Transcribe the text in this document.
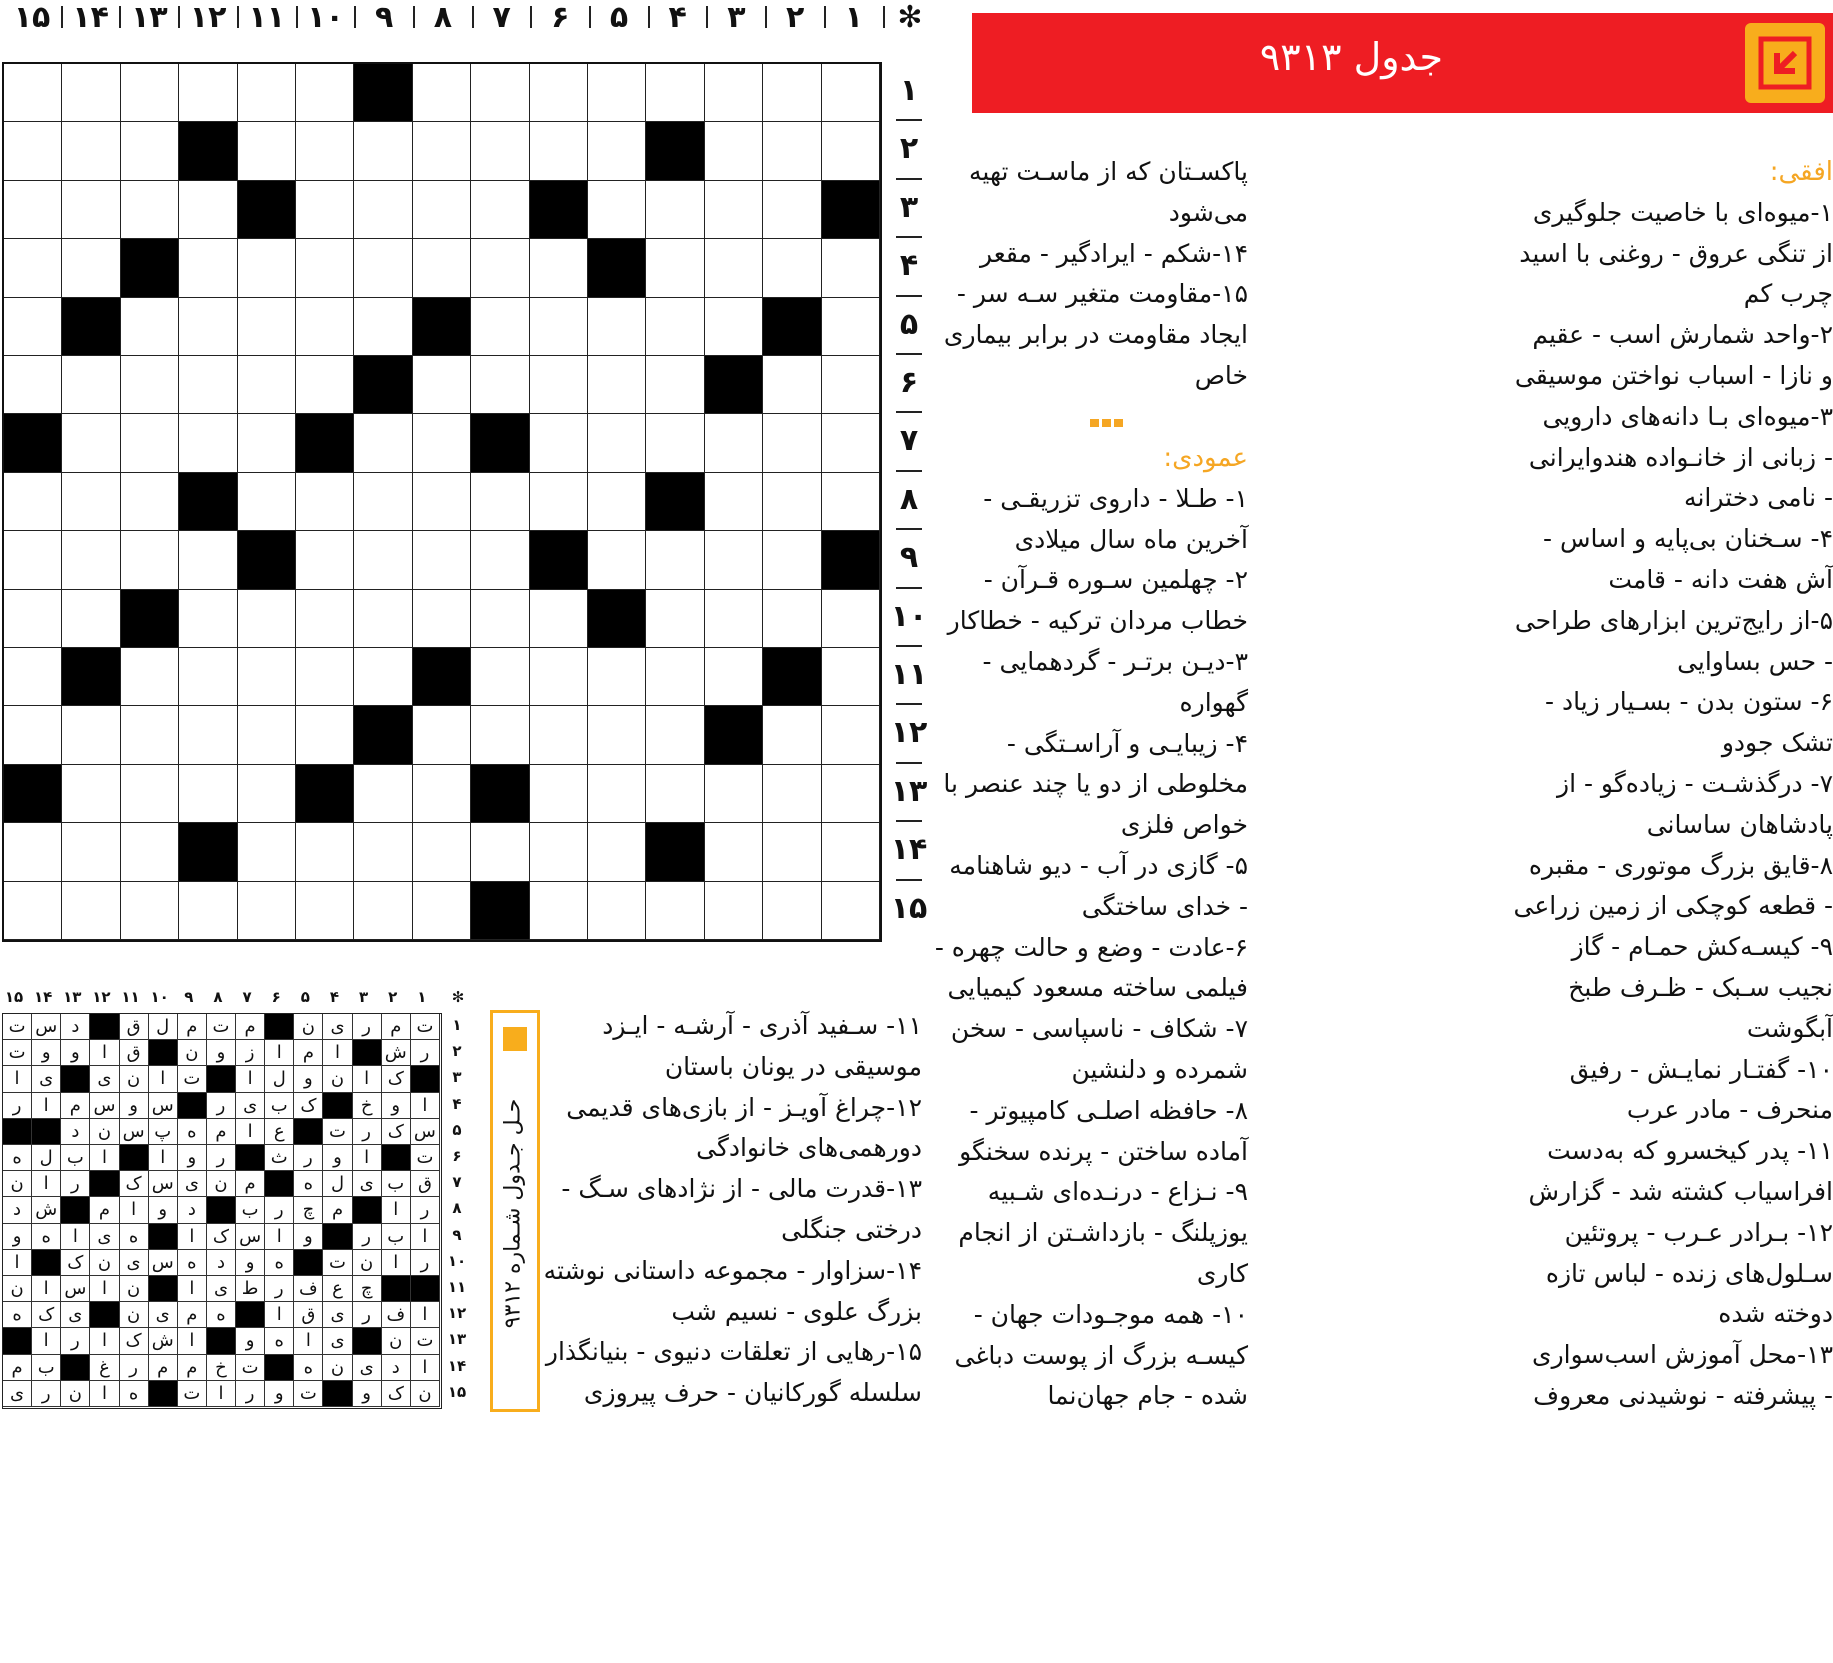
✻
۱
۲
۳
۴
۵
۶
۷
۸
۹
۱۰
۱۱
۱۲
۱۳
۱۴
۱۵
۱
۲
۳
۴
۵
۶
۷
۸
۹
۱۰
۱۱
۱۲
۱۳
۱۴
۱۵
جدول ۹۳۱۳
افقی:
۱-میوه‌ای با خاصیت جلوگیری
از تنگی عروق - روغنی با اسید
چرب کم
۲-واحد شمارش اسب - عقیم
و نازا - اسباب نواختن موسیقی
۳-میوه‌ای بـا دانه‌های دارویی
- زبانی از خانـواده هندوایرانی
- نامی دخترانه
۴- سـخنان بی‌پایه و اساس -
آش هفت دانه - قامت
۵-از رایج‌ترین ابزارهای طراحی
- حس بساوایی
۶- ستون بدن - بسـیار زیاد -
تشک جودو
۷- درگذشـت - زیاده‌گو - از
پادشاهان ساسانی
۸-قایق بزرگ موتوری - مقبره
- قطعه کوچکی از زمین زراعی
۹- کیسـه‌کش حمـام - گاز
نجیب سـبک - ظـرف طبخ
آبگوشت
۱۰- گفتـار نمایـش - رفیق
منحرف - مادر عرب
۱۱- پدر کیخسرو که به‌دست
افراسیاب کشته شد - گزارش
۱۲- بـرادر عـرب - پروتئین
سـلول‌های زنده - لباس تازه
دوخته شده
۱۳-محل آموزش اسب‌سواری
- پیشرفته - نوشیدنی معروف
پاکسـتان که از ماسـت تهیه
می‌شود
۱۴-شکم - ایرادگیر - مقعر
۱۵-مقاومت متغیر سـه سر -
ایجاد مقاومت در برابر بیماری
خاص
عمودی:
۱- طـلا - داروی تزریقـی -
آخرین ماه سال میلادی
۲- چهلمین سـوره قـرآن -
خطاب مردان ترکیه - خطاکار
۳-دیـن برتـر - گردهمایی -
گهواره
۴- زیبایـی و آراسـتگی -
مخلوطی از دو یا چند عنصر با
خواص فلزی
۵- گازی در آب - دیو شاهنامه
- خدای ساختگی
۶-عادت - وضع و حالت چهره -
فیلمی ساخته مسعود کیمیایی
۷- شکاف - ناسپاسی - سخن
شمرده و دلنشین
۸- حافظه اصلـی کامپیوتر -
آماده ساختن - پرنده سخنگو
۹- نـزاع - درنـده‌ای شـبیه
یوزپلنگ - بازداشـتن از انجام
کاری
۱۰- همه موجـودات جهان -
کیسـه بزرگ از پوست دباغی
شده - جام جهان‌نما
۱۱- سـفید آذری - آرشـه - ایـزد
موسیقی در یونان باستان
۱۲-چراغ آویـز - از بازی‌های قدیمی
دورهمی‌های خانوادگی
۱۳-قدرت مالی - از نژادهای سـگ -
درختی جنگلی
۱۴-سزاوار - مجموعه داستانی نوشته
بزرگ علوی - نسیم شب
۱۵-رهایی از تعلقات دنیوی - بنیانگذار
سلسله گورکانیان - حرف پیروزی
✻
۱
۲
۳
۴
۵
۶
۷
۸
۹
۱۰
۱۱
۱۲
۱۳
۱۴
۱۵
ت
م
ر
ی
ن
م
ت
م
ل
ق
د
س
ت
ر
ش
ا
م
ا
ز
و
ن
ق
ا
و
و
ت
ک
ا
ن
و
ل
ا
ت
ا
ن
ی
ی
ا
ا
و
خ
ک
ب
ی
ر
س
و
س
م
ا
ر
س
ک
ر
ت
ع
ا
م
ه
پ
س
ن
د
ت
ا
و
ر
ث
ر
و
ا
ا
ب
ل
ه
ق
ب
ی
ل
ه
م
ن
ی
س
ک
ر
ا
ن
ر
ا
م
چ
ر
ب
د
و
ا
م
ش
د
ا
ب
ر
و
ا
س
ک
ا
ه
ی
ا
ه
و
ر
ا
ن
ت
ه
و
د
ه
س
ی
ن
ک
ا
چ
ع
ف
ر
ط
ی
ا
ن
ا
س
ا
ن
ا
ف
ر
ی
ق
ا
ه
م
ی
ن
ی
ک
ه
ت
ن
ی
ا
ه
و
ا
ش
ک
ا
ر
ا
ا
د
ی
ن
ه
ت
خ
م
م
ر
غ
ب
م
ن
ک
و
ت
و
ر
ا
ت
ه
ا
ن
ر
ی
۱
۲
۳
۴
۵
۶
۷
۸
۹
۱۰
۱۱
۱۲
۱۳
۱۴
۱۵
حـل جـدول شـماره ۹۳۱۲
